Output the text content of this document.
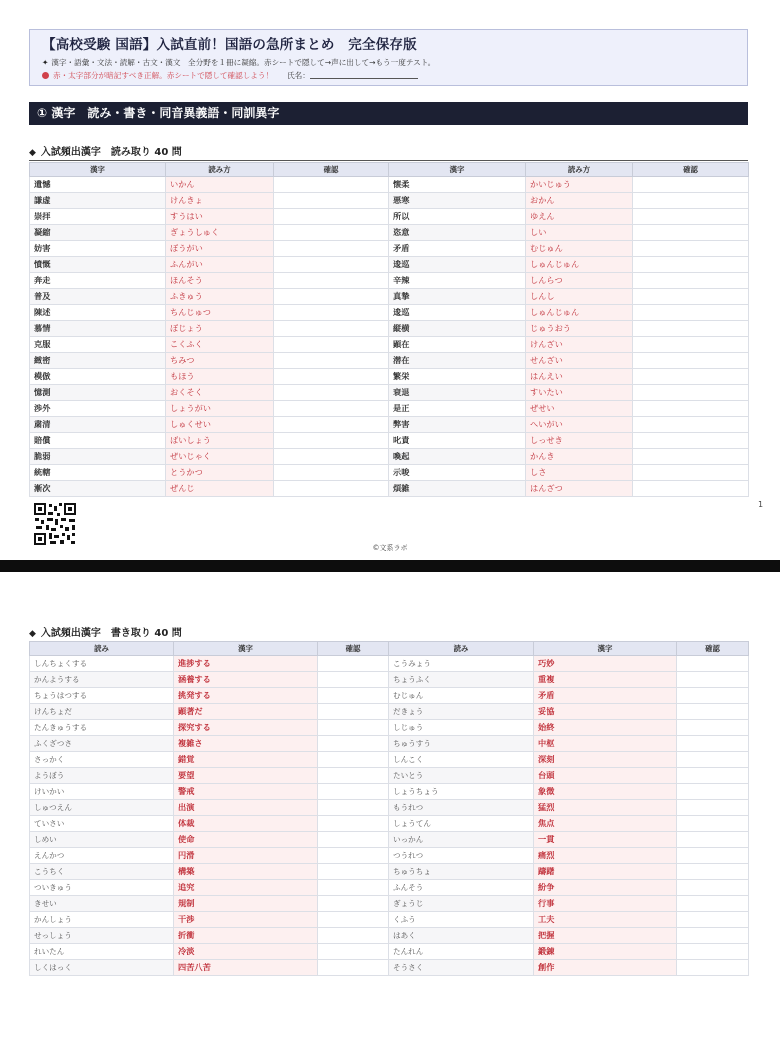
【高校受験 国語】入試直前！国語の急所まとめ　完全保存版
✦ 漢字・語彙・文法・読解・古文・漢文　全分野を１冊に凝縮。赤シートで隠して→声に出して→もう一度テスト。
赤・太字部分が暗記すべき正解。赤シートで隠して確認しよう！ 氏名：
① 漢字　読み・書き・同音異義語・同訓異字
◆ 入試頻出漢字　読み取り 40 問
漢字	読み方	確認	漢字	読み方	確認
遺憾	いかん		懐柔	かいじゅう	
謙虚	けんきょ		悪寒	おかん	
崇拝	すうはい		所以	ゆえん	
凝縮	ぎょうしゅく		恣意	しい	
妨害	ぼうがい		矛盾	むじゅん	
憤慨	ふんがい		逡巡	しゅんじゅん	
奔走	ほんそう		辛辣	しんらつ	
普及	ふきゅう		真摯	しんし	
陳述	ちんじゅつ		逡巡	しゅんじゅん	
慕情	ぼじょう		縦横	じゅうおう	
克服	こくふく		顕在	けんざい	
緻密	ちみつ		潜在	せんざい	
模倣	もほう		繁栄	はんえい	
憶測	おくそく		衰退	すいたい	
渉外	しょうがい		是正	ぜせい	
粛清	しゅくせい		弊害	へいがい	
賠償	ばいしょう		叱責	しっせき	
脆弱	ぜいじゃく		喚起	かんき	
統轄	とうかつ		示唆	しさ	
漸次	ぜんじ		煩雑	はんざつ	
1
©文系ラボ
◆ 入試頻出漢字　書き取り 40 問
読み	漢字	確認	読み	漢字	確認
しんちょくする	進捗する		こうみょう	巧妙	
かんようする	涵養する		ちょうふく	重複	
ちょうはつする	挑発する		むじゅん	矛盾	
けんちょだ	顕著だ		だきょう	妥協	
たんきゅうする	探究する		しじゅう	始終	
ふくざつさ	複雑さ		ちゅうすう	中枢	
さっかく	錯覚		しんこく	深刻	
ようぼう	要望		たいとう	台頭	
けいかい	警戒		しょうちょう	象徴	
しゅつえん	出演		もうれつ	猛烈	
ていさい	体裁		しょうてん	焦点	
しめい	使命		いっかん	一貫	
えんかつ	円滑		つうれつ	痛烈	
こうちく	構築		ちゅうちょ	躊躇	
ついきゅう	追究		ふんそう	紛争	
きせい	規制		ぎょうじ	行事	
かんしょう	干渉		くふう	工夫	
せっしょう	折衝		はあく	把握	
れいたん	冷淡		たんれん	鍛錬	
しくはっく	四苦八苦		そうさく	創作	
